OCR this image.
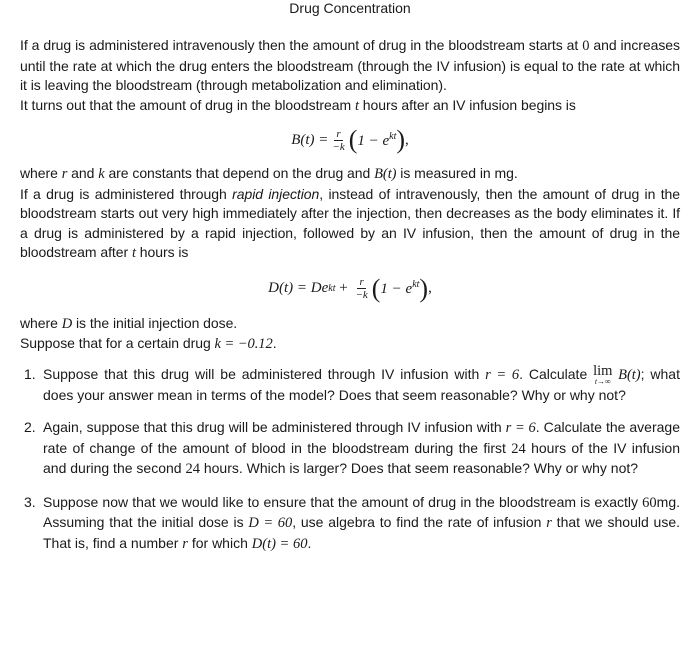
Drug Concentration

If a drug is administered intravenously then the amount of drug in the bloodstream starts at 0 and increases until the rate at which the drug enters the bloodstream (through the IV infusion) is equal to the rate at which it is leaving the bloodstream (through metabolization and elimination).

It turns out that the amount of drug in the bloodstream t hours after an IV infusion begins is

$B(t) = \frac{r}{-k}$ ( $1 - e^{kt}$ ) ,

where r and k are constants that depend on the drug and B(t) is measured in mg.

If a drug is administered through rapid injection, instead of intravenously, then the amount of drug in the bloodstream starts out very high immediately after the injection, then decreases as the body eliminates it. If a drug is administered by a rapid injection, followed by an IV infusion, then the amount of drug in the bloodstream after t hours is

D(t) = De kt + $\frac{r}{-k}$ ( $1 - e^{kt}$ ) ,

where D is the initial injection dose.

Suppose that for a certain drug k = −0.12.

1. Suppose that this drug will be administered through IV infusion with r = 6. Calculate lim
t→∞ B(t); what does your answer mean in terms of the model? Does that seem reasonable? Why or why not?
2. Again, suppose that this drug will be administered through IV infusion with r = 6. Calculate the average rate of change of the amount of blood in the bloodstream during the first 24 hours of the IV infusion and during the second 24 hours. Which is larger? Does that seem reasonable? Why or why not?
3. Suppose now that we would like to ensure that the amount of drug in the bloodstream is exactly 60mg. Assuming that the initial dose is D = 60, use algebra to find the rate of infusion r that we should use. That is, find a number r for which D(t) = 60.
